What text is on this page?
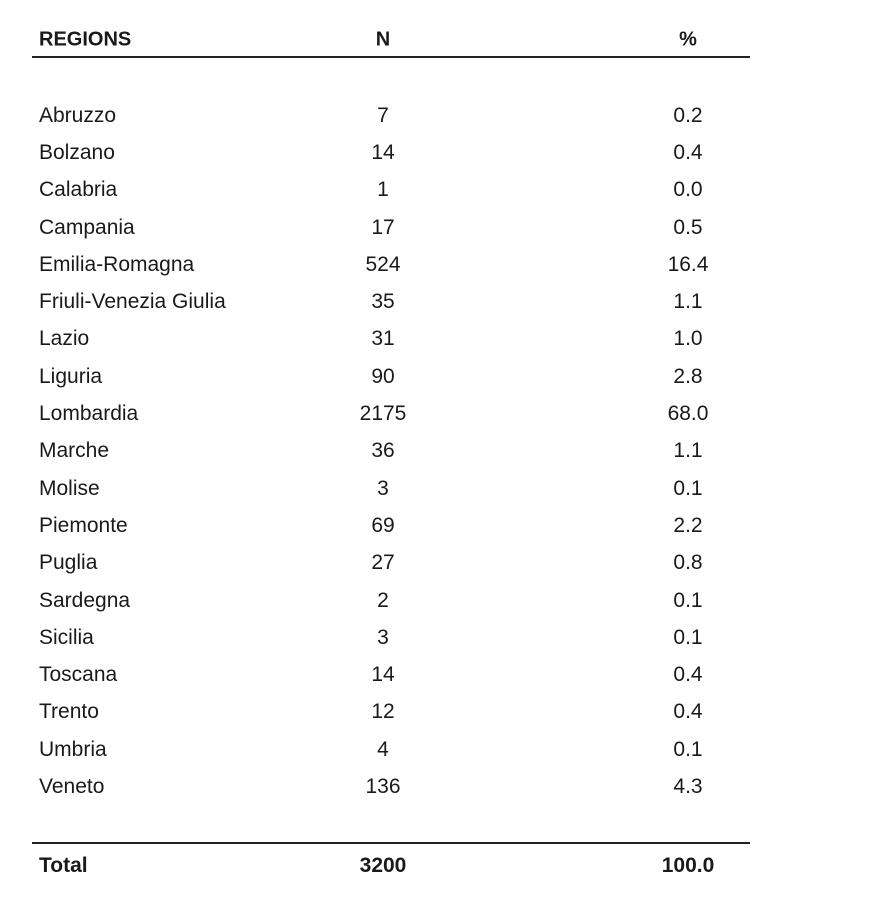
REGIONS	N	%
Abruzzo	7	0.2
Bolzano	14	0.4
Calabria	1	0.0
Campania	17	0.5
Emilia-Romagna	524	16.4
Friuli-Venezia Giulia	35	1.1
Lazio	31	1.0
Liguria	90	2.8
Lombardia	2175	68.0
Marche	36	1.1
Molise	3	0.1
Piemonte	69	2.2
Puglia	27	0.8
Sardegna	2	0.1
Sicilia	3	0.1
Toscana	14	0.4
Trento	12	0.4
Umbria	4	0.1
Veneto	136	4.3
Total	3200	100.0
